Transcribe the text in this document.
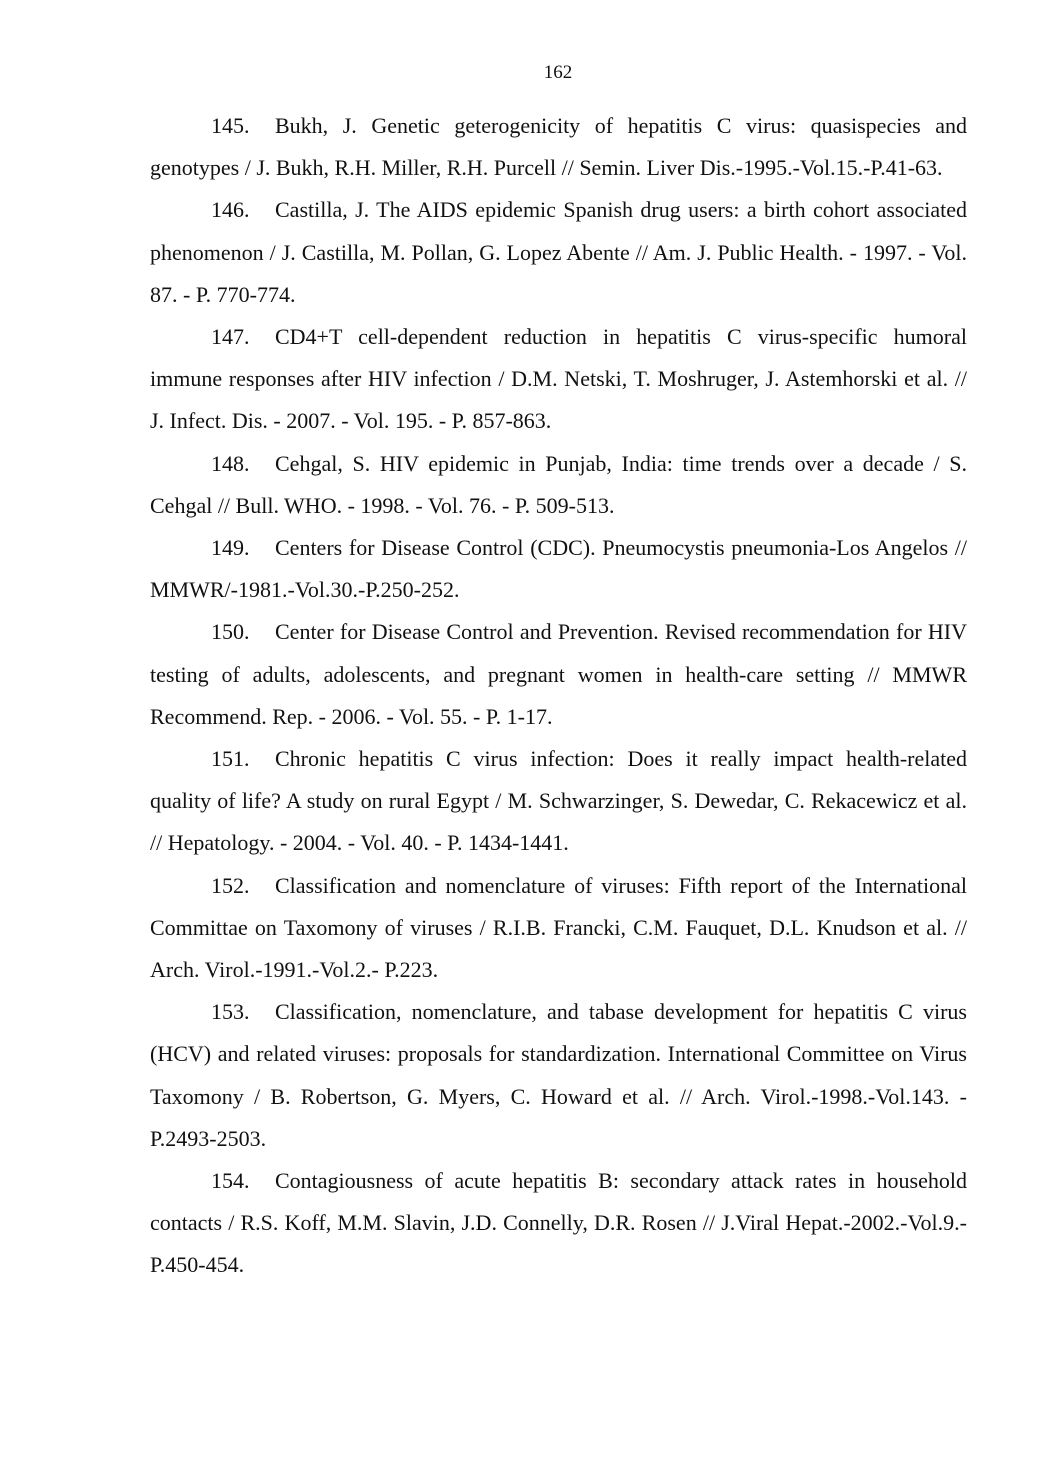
162

145. Bukh, J. Genetic geterogenicity of hepatitis C virus: quasispecies and genotypes / J. Bukh, R.H. Miller, R.H. Purcell // Semin. Liver Dis.-1995.-Vol.15.-P.41-63.

146. Castilla, J. The AIDS epidemic Spanish drug users: a birth cohort associated phenomenon / J. Castilla, M. Pollan, G. Lopez Abente // Am. J. Public Health. - 1997. - Vol. 87. - P. 770-774.

147. CD4+T cell-dependent reduction in hepatitis C virus-specific humoral immune responses after HIV infection / D.M. Netski, T. Moshruger, J. Astemhorski et al. // J. Infect. Dis. - 2007. - Vol. 195. - P. 857-863.

148. Cehgal, S. HIV epidemic in Punjab, India: time trends over a decade / S. Cehgal // Bull. WHO. - 1998. - Vol. 76. - P. 509-513.

149. Centers for Disease Control (CDC). Pneumocystis pneumonia-Los Angelos // MMWR/-1981.-Vol.30.-P.250-252.

150. Center for Disease Control and Prevention. Revised recommendation for HIV testing of adults, adolescents, and pregnant women in health-care setting // MMWR Recommend. Rep. - 2006. - Vol. 55. - P. 1-17.

151. Chronic hepatitis C virus infection: Does it really impact health-related quality of life? A study on rural Egypt / M. Schwarzinger, S. Dewedar, C. Rekacewicz et al. // Hepatology. - 2004. - Vol. 40. - P. 1434-1441.

152. Classification and nomenclature of viruses: Fifth report of the International Committae on Taxomony of viruses / R.I.B. Francki, C.M. Fauquet, D.L. Knudson et al. // Arch. Virol.-1991.-Vol.2.- P.223.

153. Classification, nomenclature, and tabase development for hepatitis C virus (HCV) and related viruses: proposals for standardization. International Committee on Virus Taxomony / B. Robertson, G. Myers, C. Howard et al. // Arch. Virol.-1998.-Vol.143. - P.2493-2503.

154. Contagiousness of acute hepatitis B: secondary attack rates in household contacts / R.S. Koff, M.M. Slavin, J.D. Connelly, D.R. Rosen // J.Viral Hepat.-2002.-Vol.9.-P.450-454.
